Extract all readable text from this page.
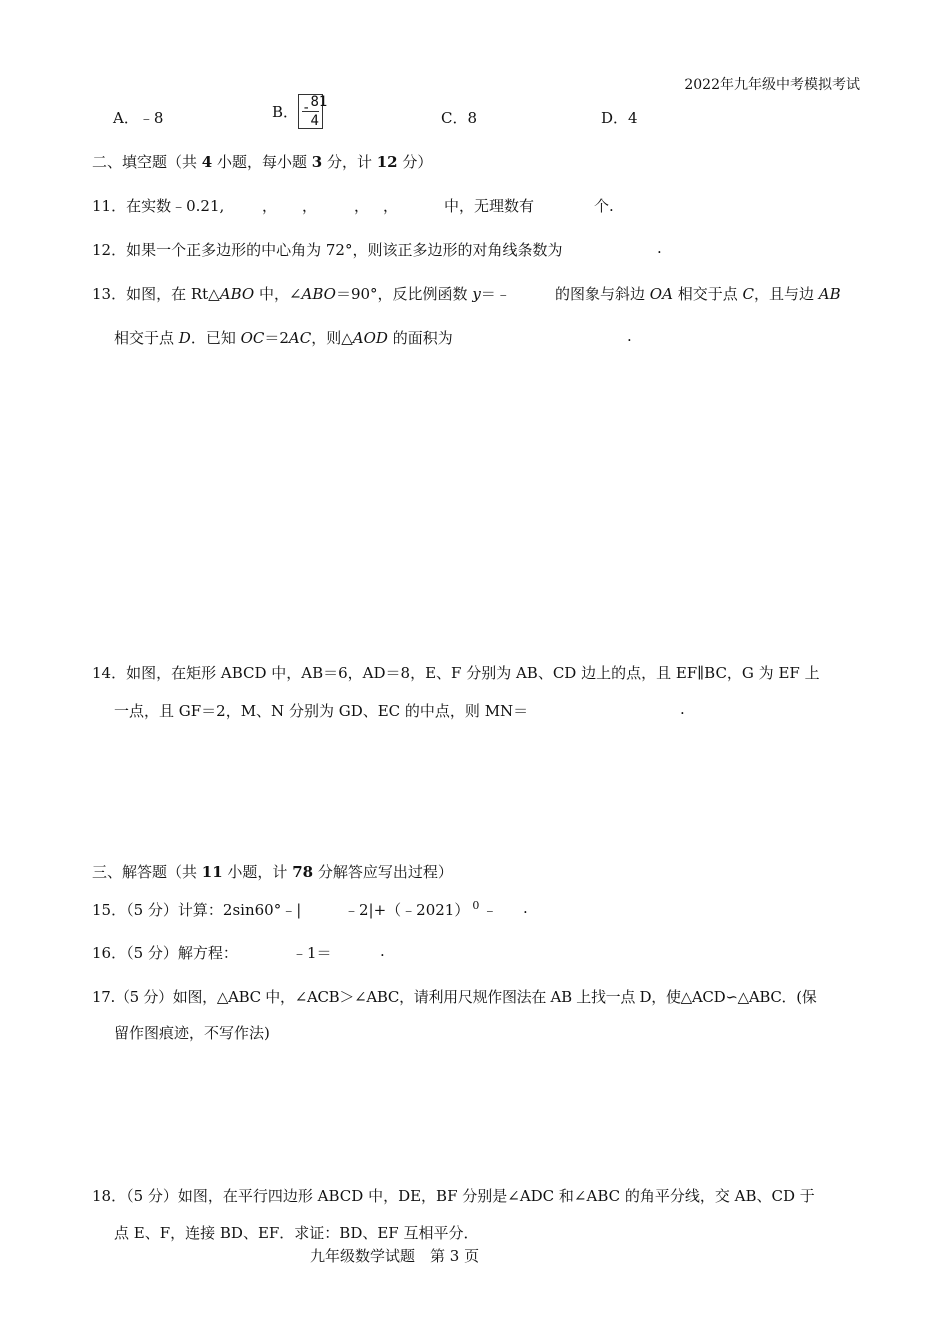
2022年九年级中考模拟考试
A．﹣8	B． - 81
4	C．8	D．4
二、填空题（共 4 小题，每小题 3 分，计 12 分）
11．在实数﹣0.21,	， ， ， ，	中，无理数有	个.
12．如果一个正多边形的中心角为 72°，则该正多边形的对角线条数为	.
13．如图，在 Rt△ABO 中，∠ABO＝90°，反比例函数 y＝﹣	的图象与斜边 OA 相交于点 C，且与边 AB
相交于点 D．已知 OC＝2AC，则△AOD 的面积为	.
14．如图，在矩形 ABCD 中，AB＝6，AD＝8，E、F 分别为 AB、CD 边上的点，且 EF∥BC，G 为 EF 上
一点，且 GF＝2，M、N 分别为 GD、EC 的中点，则 MN＝	.
三、解答题（共 11 小题，计 78 分解答应写出过程）
15．（5 分）计算：2sin60°﹣|	﹣2|+（﹣2021） $^0$ ﹣ .
16．（5 分）解方程：	﹣1＝	.
17.（5 分）如图，△ABC 中，∠ACB＞∠ABC，请利用尺规作图法在 AB 上找一点 D，使△ACD∽△ABC．(保
留作图痕迹，不写作法)
18．（5 分）如图，在平行四边形 ABCD 中，DE，BF 分别是∠ADC 和∠ABC 的角平分线，交 AB、CD 于
点 E、F，连接 BD、EF．求证：BD、EF 互相平分．
九年级数学试题　第 3 页
